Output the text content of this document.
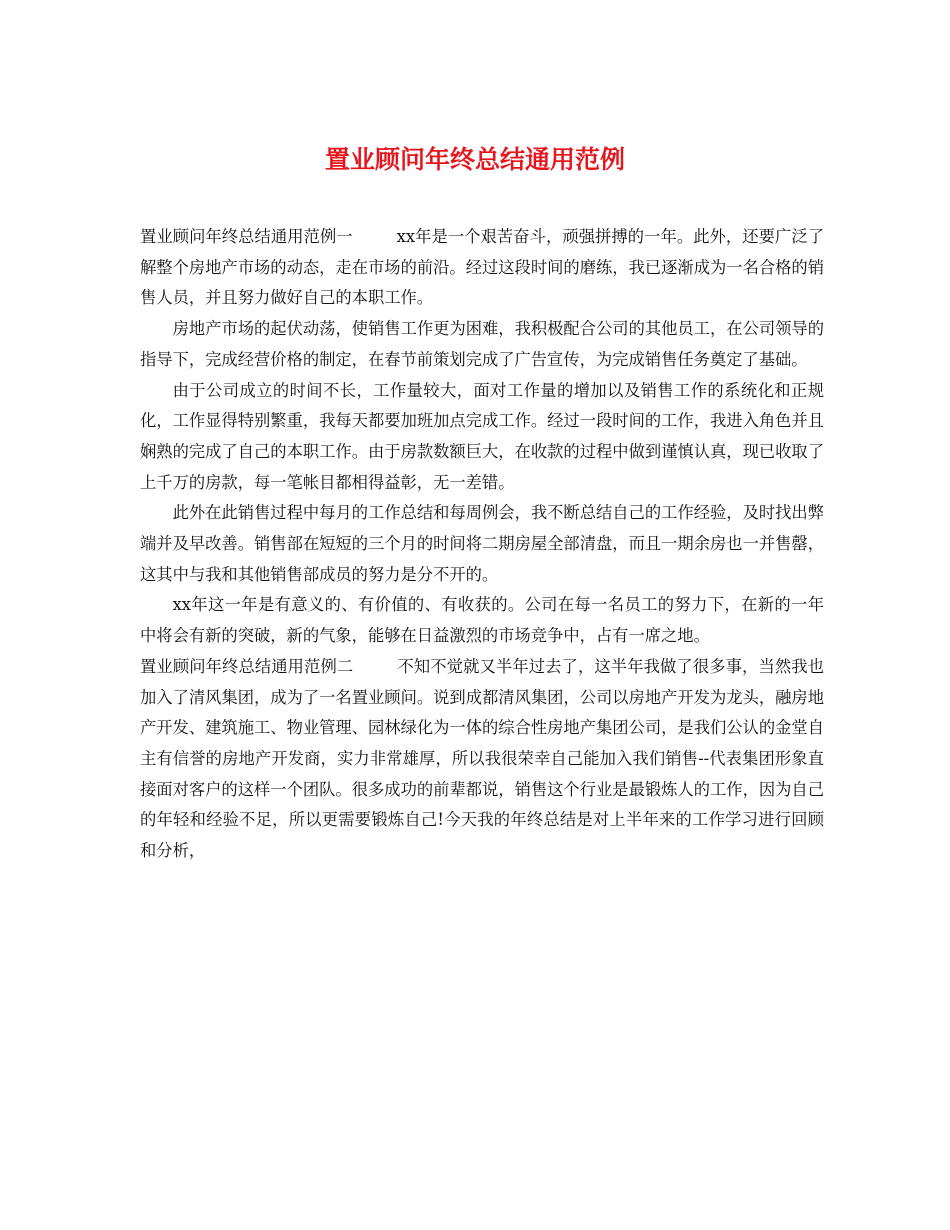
置业顾问年终总结通用范例

置业顾问年终总结通用范例一	xx年是一个艰苦奋斗，顽强拼搏的一年。此外，还要广泛了解整个房地产市场的动态，走在市场的前沿。经过这段时间的磨练，我已逐渐成为一名合格的销售人员，并且努力做好自己的本职工作。

房地产市场的起伏动荡，使销售工作更为困难，我积极配合公司的其他员工，在公司领导的指导下，完成经营价格的制定，在春节前策划完成了广告宣传，为完成销售任务奠定了基础。

由于公司成立的时间不长，工作量较大，面对工作量的增加以及销售工作的系统化和正规化，工作显得特别繁重，我每天都要加班加点完成工作。经过一段时间的工作，我进入角色并且娴熟的完成了自己的本职工作。由于房款数额巨大，在收款的过程中做到谨慎认真，现已收取了上千万的房款，每一笔帐目都相得益彰，无一差错。

此外在此销售过程中每月的工作总结和每周例会，我不断总结自己的工作经验，及时找出弊端并及早改善。销售部在短短的三个月的时间将二期房屋全部清盘，而且一期余房也一并售罄，这其中与我和其他销售部成员的努力是分不开的。

xx年这一年是有意义的、有价值的、有收获的。公司在每一名员工的努力下，在新的一年中将会有新的突破，新的气象，能够在日益激烈的市场竞争中，占有一席之地。

置业顾问年终总结通用范例二	不知不觉就又半年过去了，这半年我做了很多事，当然我也加入了清风集团，成为了一名置业顾问。说到成都清风集团，公司以房地产开发为龙头，融房地产开发、建筑施工、物业管理、园林绿化为一体的综合性房地产集团公司，是我们公认的金堂自主有信誉的房地产开发商，实力非常雄厚，所以我很荣幸自己能加入我们销售--代表集团形象直接面对客户的这样一个团队。很多成功的前辈都说，销售这个行业是最锻炼人的工作，因为自己的年轻和经验不足，所以更需要锻炼自己!今天我的年终总结是对上半年来的工作学习进行回顾和分析，
